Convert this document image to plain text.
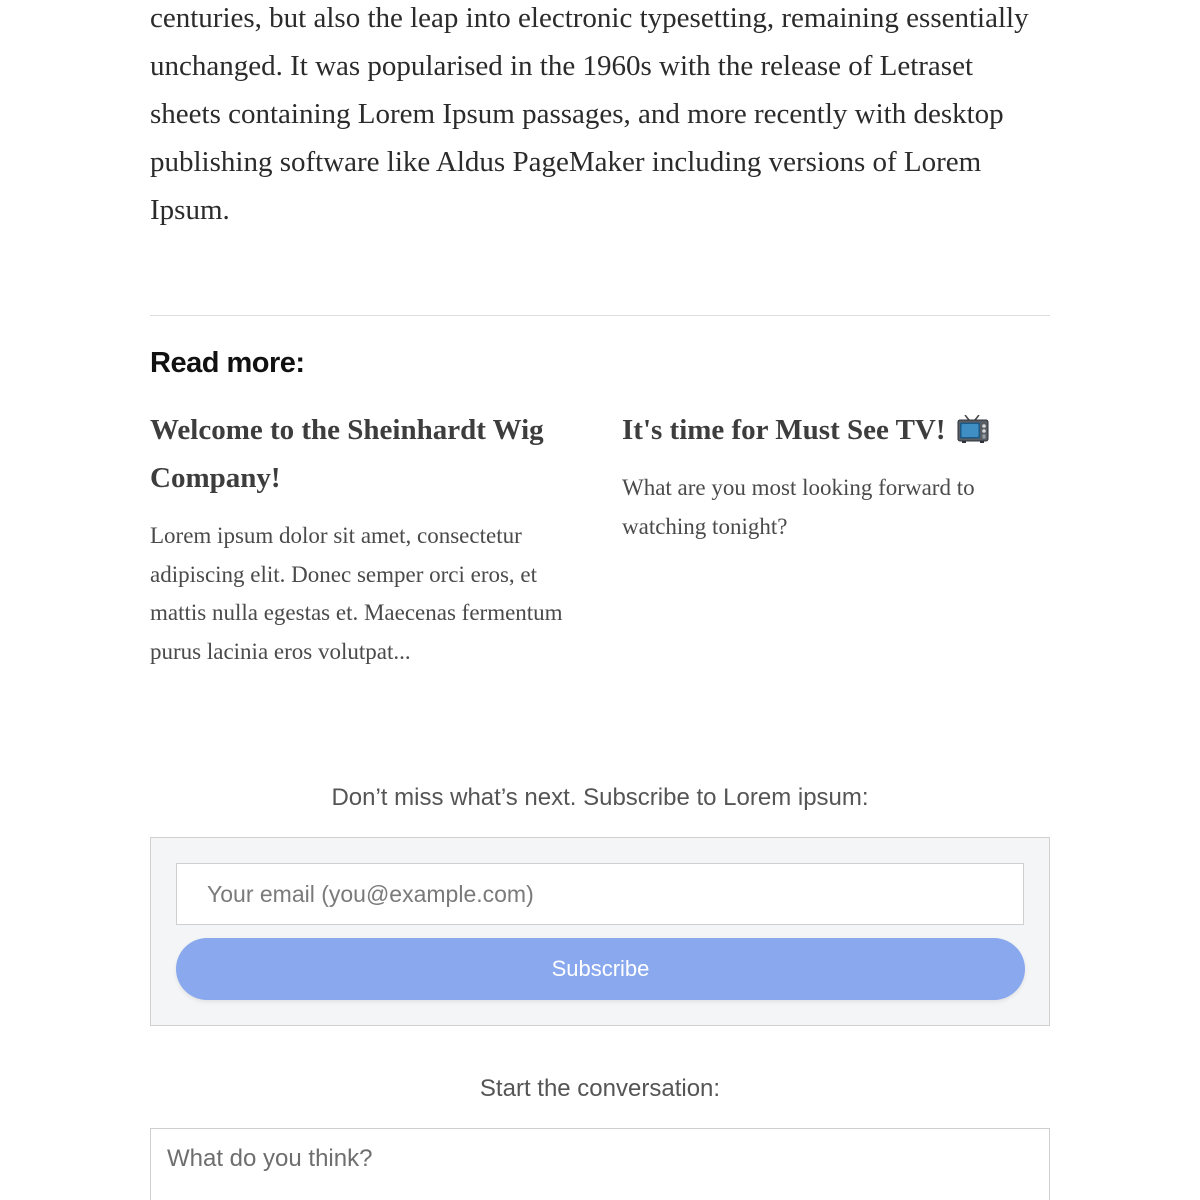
centuries, but also the leap into electronic typesetting, remaining essentially unchanged. It was popularised in the 1960s with the release of Letraset sheets containing Lorem Ipsum passages, and more recently with desktop publishing software like Aldus PageMaker including versions of Lorem Ipsum.

Read more:
Welcome to the Sheinhardt Wig Company!

Lorem ipsum dolor sit amet, consectetur adipiscing elit. Donec semper orci eros, et mattis nulla egestas et. Maecenas fermentum purus lacinia eros volutpat...

It's time for Must See TV!

What are you most looking forward to watching tonight?

Don’t miss what’s next. Subscribe to Lorem ipsum:

Your email (you@example.com)
Subscribe

Start the conversation:

What do you think?
